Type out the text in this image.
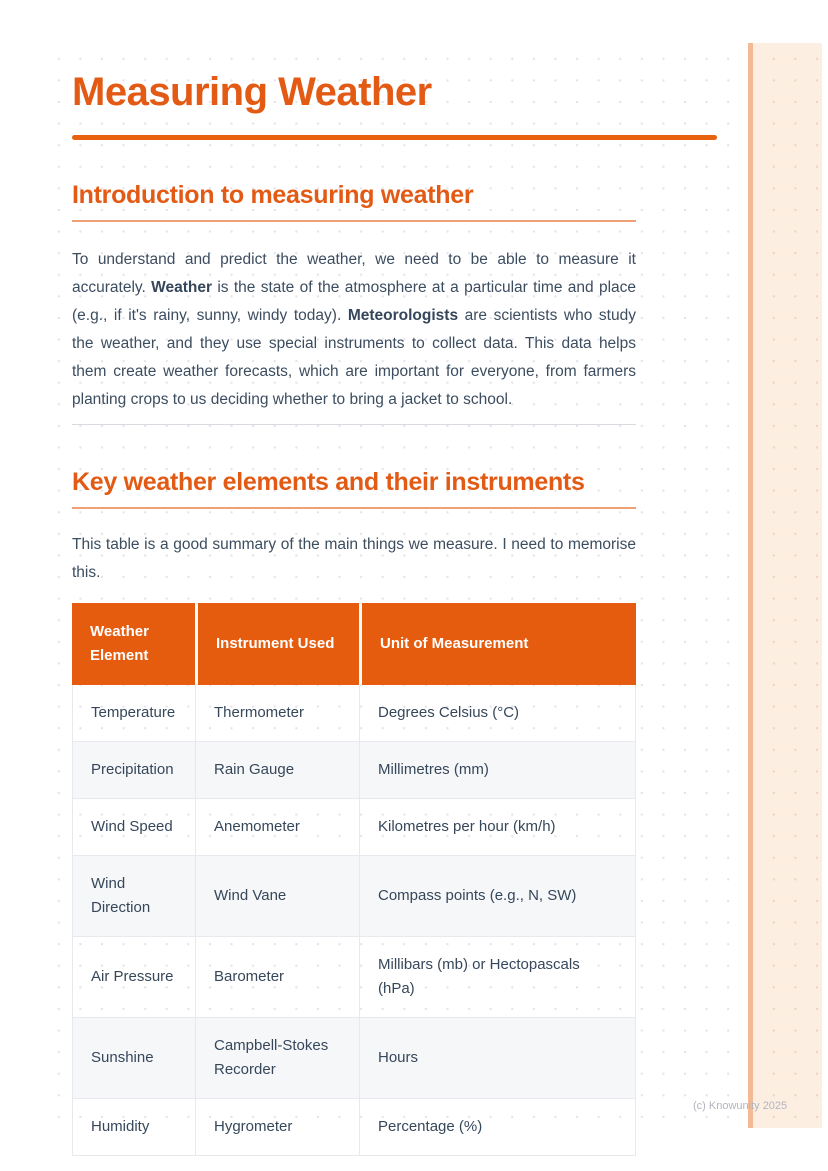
Measuring Weather
Introduction to measuring weather

To understand and predict the weather, we need to be able to measure it accurately. Weather is the state of the atmosphere at a particular time and place (e.g., if it's rainy, sunny, windy today). Meteorologists are scientists who study the weather, and they use special instruments to collect data. This data helps them create weather forecasts, which are important for everyone, from farmers planting crops to us deciding whether to bring a jacket to school.

Key weather elements and their instruments

This table is a good summary of the main things we measure. I need to memorise this.

Weather Element	Instrument Used	Unit of Measurement
Temperature	Thermometer	Degrees Celsius (°C)
Precipitation	Rain Gauge	Millimetres (mm)
Wind Speed	Anemometer	Kilometres per hour (km/h)
Wind Direction	Wind Vane	Compass points (e.g., N, SW)
Air Pressure	Barometer	Millibars (mb) or Hectopascals (hPa)
Sunshine	Campbell-Stokes Recorder	Hours
Humidity	Hygrometer	Percentage (%)
(c) Knowunity 2025
